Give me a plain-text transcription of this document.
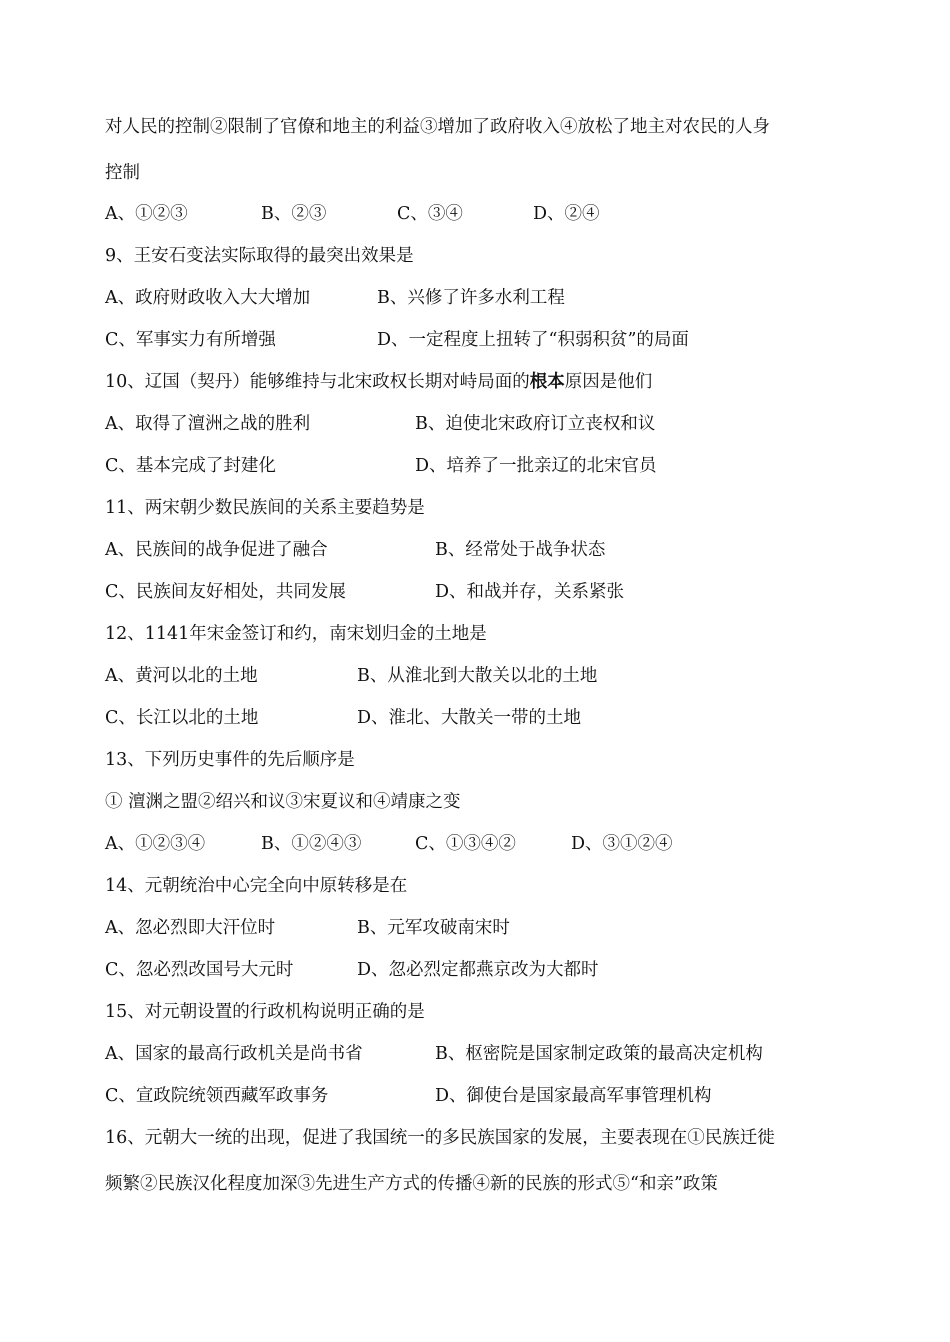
对人民的控制②限制了官僚和地主的利益③增加了政府收入④放松了地主对农民的人身
控制
A、①②③	B、②③	C、③④	D、②④
9、王安石变法实际取得的最突出效果是
A、政府财政收入大大增加	B、兴修了许多水利工程
C、军事实力有所增强	D、一定程度上扭转了“积弱积贫”的局面
10、辽国（契丹）能够维持与北宋政权长期对峙局面的根本原因是他们
A、取得了澶洲之战的胜利	B、迫使北宋政府订立丧权和议
C、基本完成了封建化	D、培养了一批亲辽的北宋官员
11、两宋朝少数民族间的关系主要趋势是
A、民族间的战争促进了融合	B、经常处于战争状态
C、民族间友好相处，共同发展	D、和战并存，关系紧张
12、1141年宋金签订和约，南宋划归金的土地是
A、黄河以北的土地	B、从淮北到大散关以北的土地
C、长江以北的土地	D、淮北、大散关一带的土地
13、下列历史事件的先后顺序是
① 澶渊之盟②绍兴和议③宋夏议和④靖康之变
A、①②③④	B、①②④③	C、①③④②	D、③①②④
14、元朝统治中心完全向中原转移是在
A、忽必烈即大汗位时	B、元军攻破南宋时
C、忽必烈改国号大元时	D、忽必烈定都燕京改为大都时
15、对元朝设置的行政机构说明正确的是
A、国家的最高行政机关是尚书省	B、枢密院是国家制定政策的最高决定机构
C、宣政院统领西藏军政事务	D、御使台是国家最高军事管理机构
16、元朝大一统的出现，促进了我国统一的多民族国家的发展，主要表现在①民族迁徙
频繁②民族汉化程度加深③先进生产方式的传播④新的民族的形式⑤“和亲”政策
